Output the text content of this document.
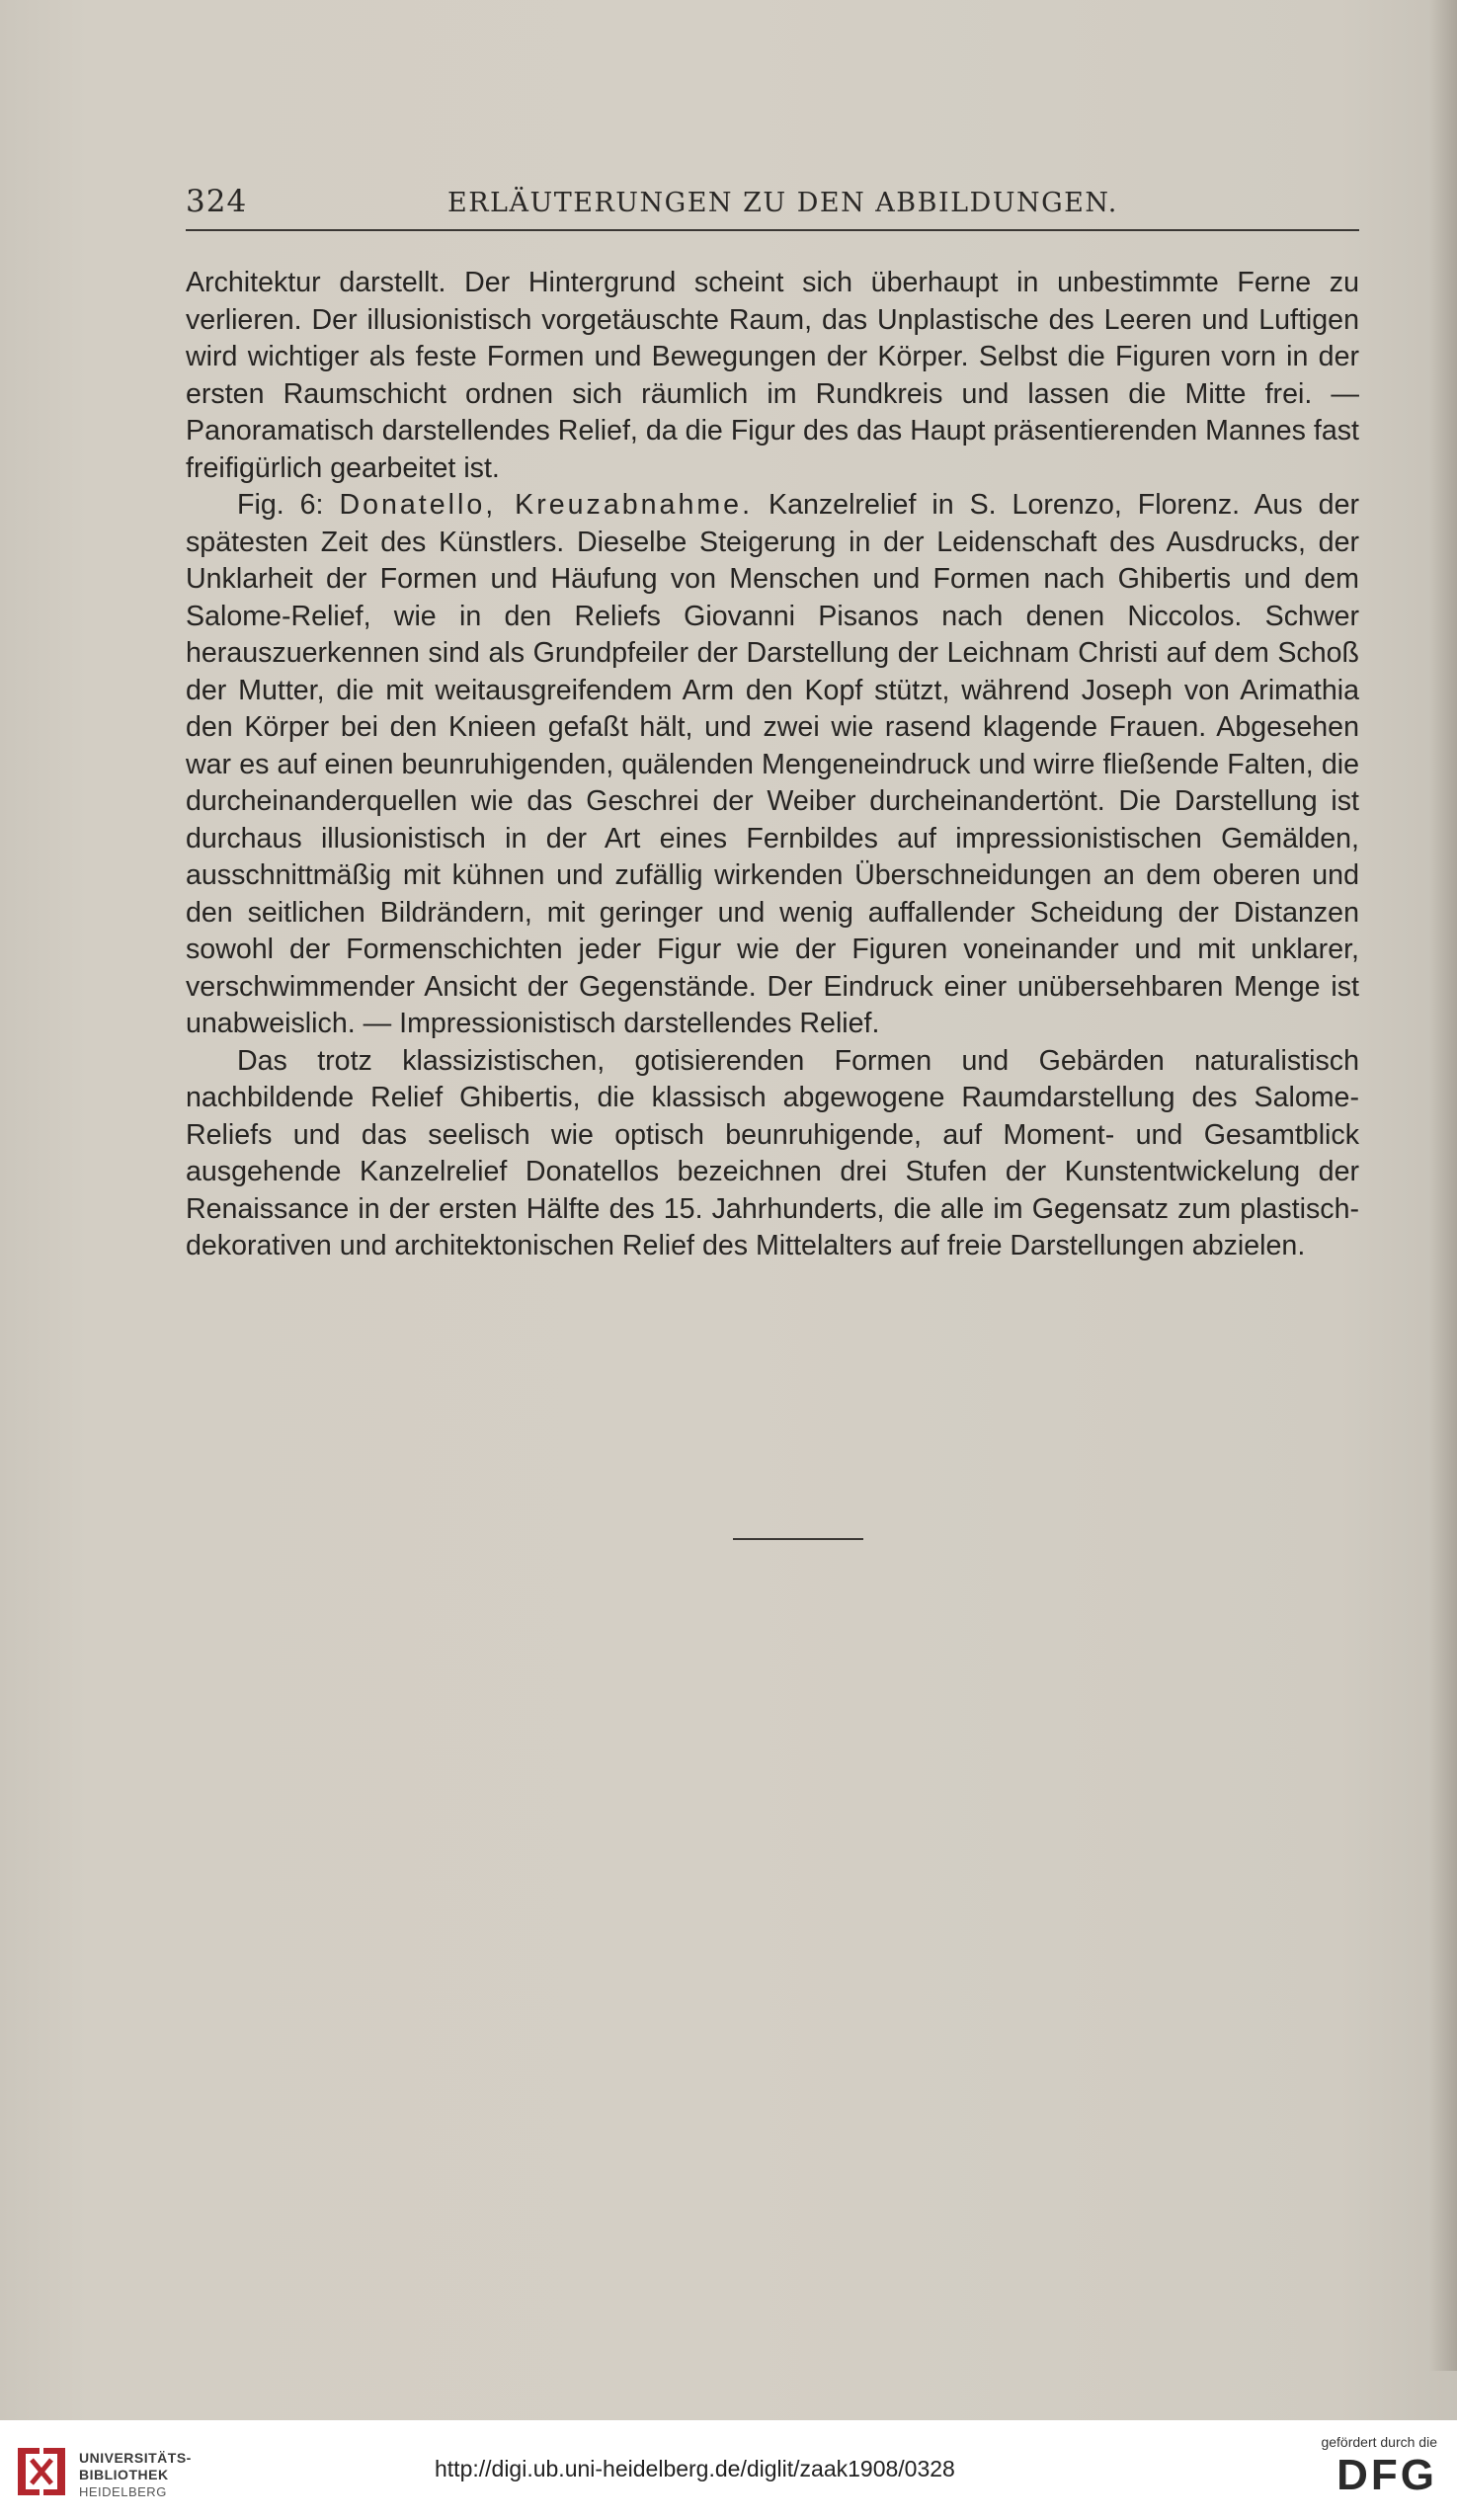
324	ERLÄUTERUNGEN ZU DEN ABBILDUNGEN.

Architektur darstellt. Der Hintergrund scheint sich überhaupt in unbestimmte Ferne zu verlieren. Der illusionistisch vorgetäuschte Raum, das Unplastische des Leeren und Luftigen wird wichtiger als feste Formen und Bewegungen der Körper. Selbst die Figuren vorn in der ersten Raumschicht ordnen sich räumlich im Rundkreis und lassen die Mitte frei. — Panoramatisch darstellendes Relief, da die Figur des das Haupt präsentierenden Mannes fast freifigürlich gearbeitet ist.

Fig. 6: Donatello, Kreuzabnahme. Kanzelrelief in S. Lorenzo, Florenz. Aus der spätesten Zeit des Künstlers. Dieselbe Steigerung in der Leidenschaft des Ausdrucks, der Unklarheit der Formen und Häufung von Menschen und Formen nach Ghibertis und dem Salome-Relief, wie in den Reliefs Giovanni Pisanos nach denen Niccolos. Schwer herauszuerkennen sind als Grundpfeiler der Darstellung der Leichnam Christi auf dem Schoß der Mutter, die mit weitausgreifendem Arm den Kopf stützt, während Joseph von Arimathia den Körper bei den Knieen gefaßt hält, und zwei wie rasend klagende Frauen. Abgesehen war es auf einen beunruhigenden, quälenden Mengeneindruck und wirre fließende Falten, die durcheinanderquellen wie das Geschrei der Weiber durcheinandertönt. Die Darstellung ist durchaus illusionistisch in der Art eines Fernbildes auf impressionistischen Gemälden, ausschnittmäßig mit kühnen und zufällig wirkenden Überschneidungen an dem oberen und den seitlichen Bildrändern, mit geringer und wenig auffallender Scheidung der Distanzen sowohl der Formenschichten jeder Figur wie der Figuren voneinander und mit unklarer, verschwimmender Ansicht der Gegenstände. Der Eindruck einer unübersehbaren Menge ist unabweislich. — Impressionistisch darstellendes Relief.

Das trotz klassizistischen, gotisierenden Formen und Gebärden naturalistisch nachbildende Relief Ghibertis, die klassisch abgewogene Raumdarstellung des Salome-Reliefs und das seelisch wie optisch beunruhigende, auf Moment- und Gesamtblick ausgehende Kanzelrelief Donatellos bezeichnen drei Stufen der Kunstentwickelung der Renaissance in der ersten Hälfte des 15. Jahrhunderts, die alle im Gegensatz zum plastisch-dekorativen und architektonischen Relief des Mittelalters auf freie Darstellungen abzielen.

UNIVERSITÄTS-
BIBLIOTHEK
HEIDELBERG
http://digi.ub.uni-heidelberg.de/diglit/zaak1908/0328
gefördert durch die
DFG
